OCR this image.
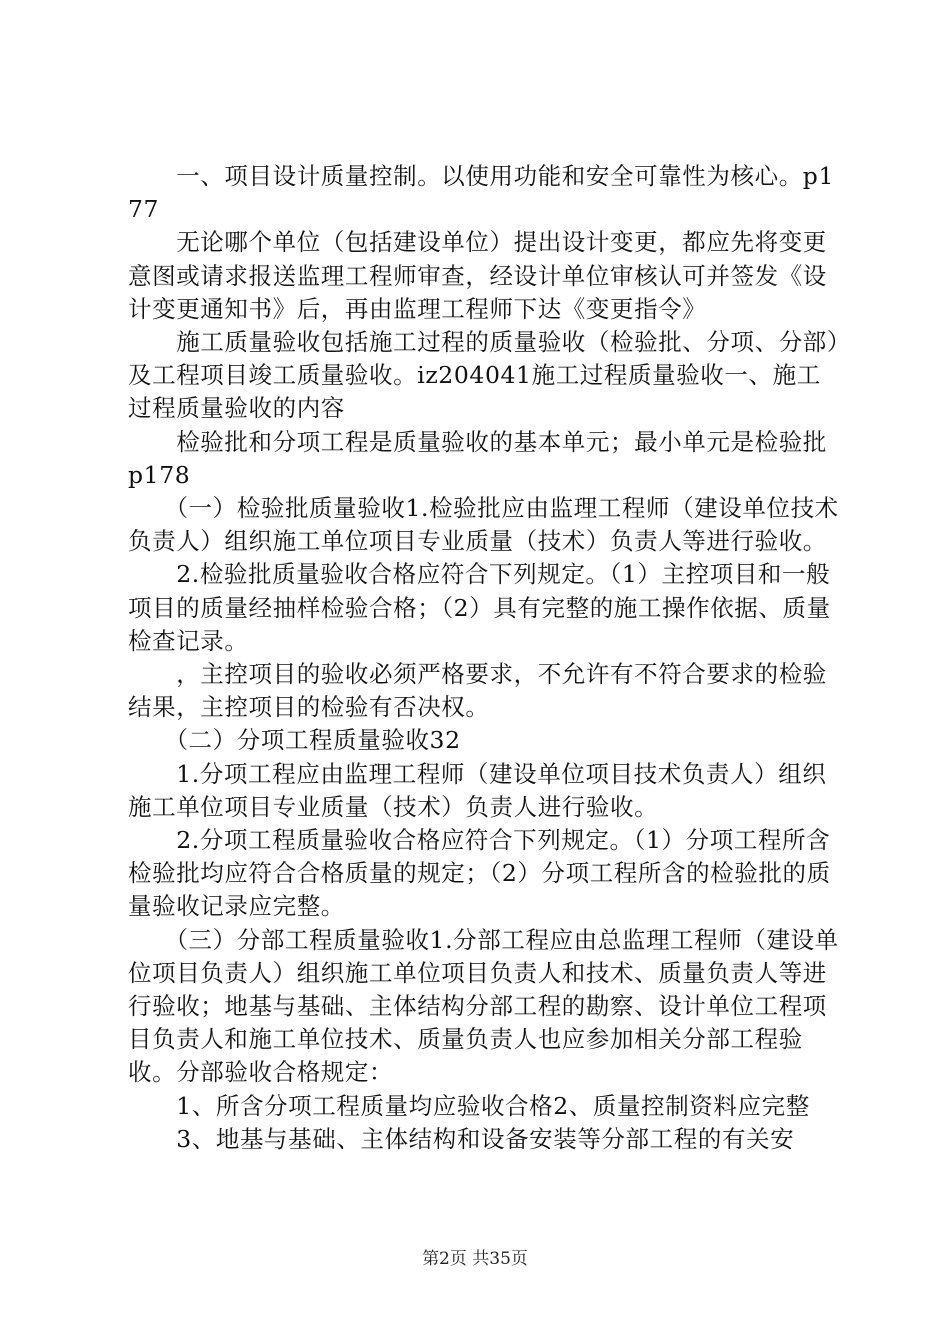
　　一、项目设计质量控制。以使用功能和安全可靠性为核心。p177

　　无论哪个单位（包括建设单位）提出设计变更，都应先将变更意图或请求报送监理工程师审查，经设计单位审核认可并签发《设计变更通知书》后，再由监理工程师下达《变更指令》

　　施工质量验收包括施工过程的质量验收（检验批、分项、分部）及工程项目竣工质量验收。iz204041施工过程质量验收一、施工过程质量验收的内容

　　检验批和分项工程是质量验收的基本单元；最小单元是检验批p178

　　（一）检验批质量验收1.检验批应由监理工程师（建设单位技术负责人）组织施工单位项目专业质量（技术）负责人等进行验收。

　　2.检验批质量验收合格应符合下列规定。（1）主控项目和一般项目的质量经抽样检验合格；（2）具有完整的施工操作依据、质量检查记录。

　　，主控项目的验收必须严格要求，不允许有不符合要求的检验结果，主控项目的检验有否决权。

　　（二）分项工程质量验收32

　　1.分项工程应由监理工程师（建设单位项目技术负责人）组织施工单位项目专业质量（技术）负责人进行验收。

　　2.分项工程质量验收合格应符合下列规定。（1）分项工程所含检验批均应符合合格质量的规定；（2）分项工程所含的检验批的质量验收记录应完整。

　　（三）分部工程质量验收1.分部工程应由总监理工程师（建设单位项目负责人）组织施工单位项目负责人和技术、质量负责人等进行验收；地基与基础、主体结构分部工程的勘察、设计单位工程项目负责人和施工单位技术、质量负责人也应参加相关分部工程验收。分部验收合格规定：

　　1、所含分项工程质量均应验收合格2、质量控制资料应完整

　　3、地基与基础、主体结构和设备安装等分部工程的有关安

第2页 共35页
